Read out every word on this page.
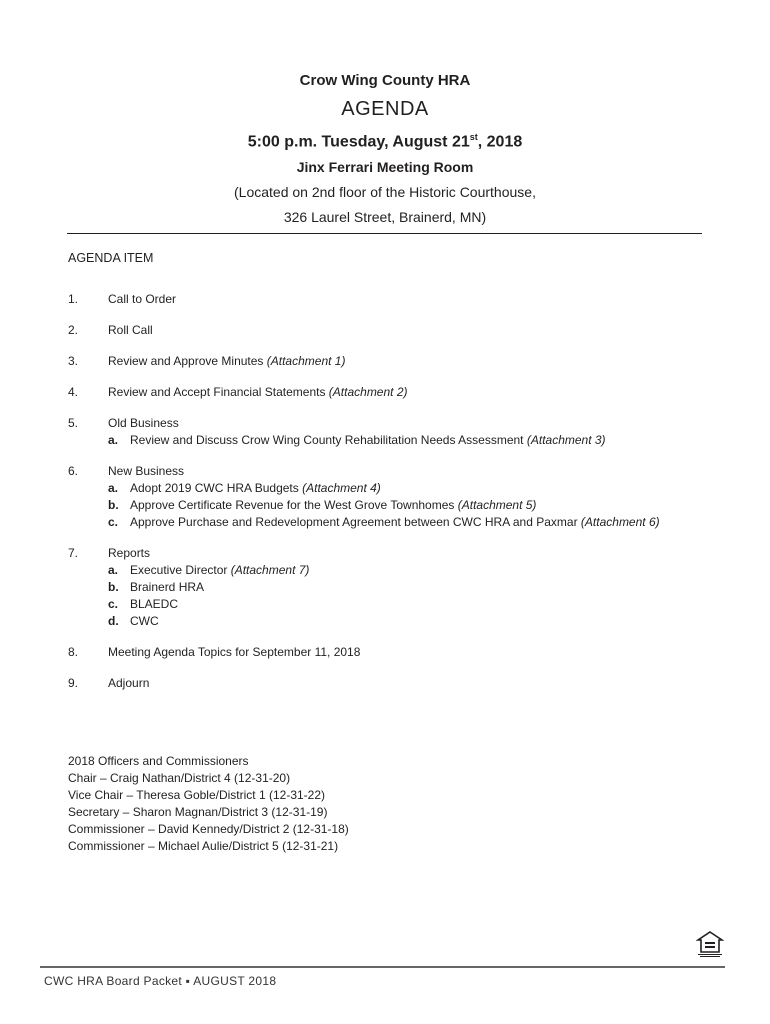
Crow Wing County HRA
AGENDA
5:00 p.m. Tuesday, August 21st, 2018
Jinx Ferrari Meeting Room
(Located on 2nd floor of the Historic Courthouse,
326 Laurel Street, Brainerd, MN)
AGENDA ITEM
1.	Call to Order
2.	Roll Call
3.	Review and Approve Minutes (Attachment 1)
4.	Review and Accept Financial Statements (Attachment 2)
5.	Old Business
a. Review and Discuss Crow Wing County Rehabilitation Needs Assessment (Attachment 3)
6.	New Business
a. Adopt 2019 CWC HRA Budgets (Attachment 4)
b. Approve Certificate Revenue for the West Grove Townhomes (Attachment 5)
c. Approve Purchase and Redevelopment Agreement between CWC HRA and Paxmar (Attachment 6)
7.	Reports
a. Executive Director (Attachment 7)
b. Brainerd HRA
c. BLAEDC
d. CWC
8.	Meeting Agenda Topics for September 11, 2018
9.	Adjourn
2018 Officers and Commissioners
Chair – Craig Nathan/District 4 (12-31-20)
Vice Chair – Theresa Goble/District 1 (12-31-22)
Secretary – Sharon Magnan/District 3 (12-31-19)
Commissioner – David Kennedy/District 2 (12-31-18)
Commissioner – Michael Aulie/District 5 (12-31-21)
CWC HRA Board Packet ▪ AUGUST 2018
